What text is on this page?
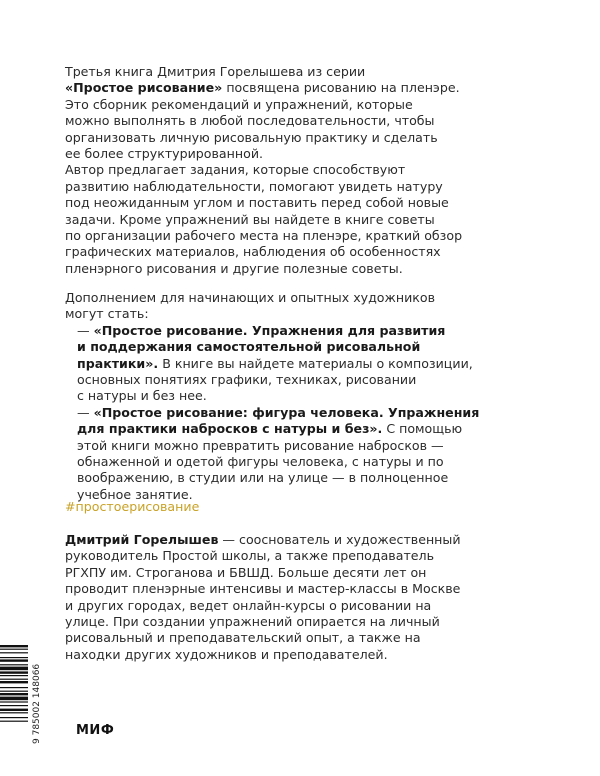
Третья книга Дмитрия Горелышева из серии

«Простое рисование» посвящена рисованию на пленэре.

Это сборник рекомендаций и упражнений, которые

можно выполнять в любой последовательности, чтобы

организовать личную рисовальную практику и сделать

ее более структурированной.

Автор предлагает задания, которые способствуют

развитию наблюдательности, помогают увидеть натуру

под неожиданным углом и поставить перед собой новые

задачи. Кроме упражнений вы найдете в книге советы

по организации рабочего места на пленэре, краткий обзор

графических материалов, наблюдения об особенностях

пленэрного рисования и другие полезные советы.

Дополнением для начинающих и опытных художников

могут стать:

— «Простое рисование. Упражнения для развития

и поддержания самостоятельной рисовальной

практики». В книге вы найдете материалы о композиции,

основных понятиях графики, техниках, рисовании

с натуры и без нее.

— «Простое рисование: фигура человека. Упражнения

для практики набросков с натуры и без». С помощью

этой книги можно превратить рисование набросков —

обнаженной и одетой фигуры человека, с натуры и по

воображению, в студии или на улице — в полноценное

учебное занятие.

#простоерисование

Дмитрий Горелышев — сооснователь и художественный

руководитель Простой школы, а также преподаватель

РГХПУ им. Строганова и БВШД. Больше десяти лет он

проводит пленэрные интенсивы и мастер-классы в Москве

и других городах, ведет онлайн-курсы о рисовании на

улице. При создании упражнений опирается на личный

рисовальный и преподавательский опыт, а также на

находки других художников и преподавателей.

9 785002 148066	МИФ
